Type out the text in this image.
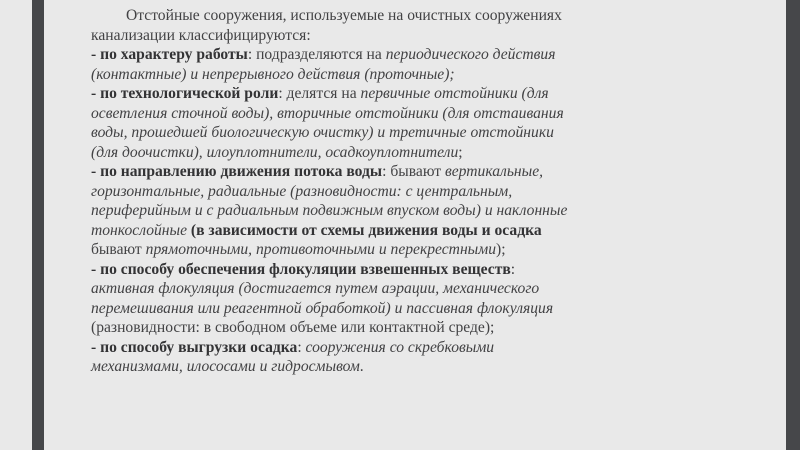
Отстойные сооружения, используемые на очистных сооружениях

канализации классифицируются:

- по характеру работы: подразделяются на периодического действия
(контактные) и непрерывного действия (проточные);

- по технологической роли: делятся на первичные отстойники (для
осветления сточной воды), вторичные отстойники (для отстаивания
воды, прошедшей биологическую очистку) и третичные отстойники
(для доочистки), илоуплотнители, осадкоуплотнители;

- по направлению движения потока воды: бывают вертикальные,
горизонтальные, радиальные (разновидности: с центральным,
периферийным и с радиальным подвижным впуском воды) и наклонные
тонкослойные (в зависимости от схемы движения воды и осадка
бывают прямоточными, противоточными и перекрестными);

- по способу обеспечения флокуляции взвешенных веществ:
активная флокуляция (достигается путем аэрации, механического
перемешивания или реагентной обработкой) и пассивная флокуляция
(разновидности: в свободном объеме или контактной среде);

- по способу выгрузки осадка: сооружения со скребковыми
механизмами, илососами и гидросмывом.
